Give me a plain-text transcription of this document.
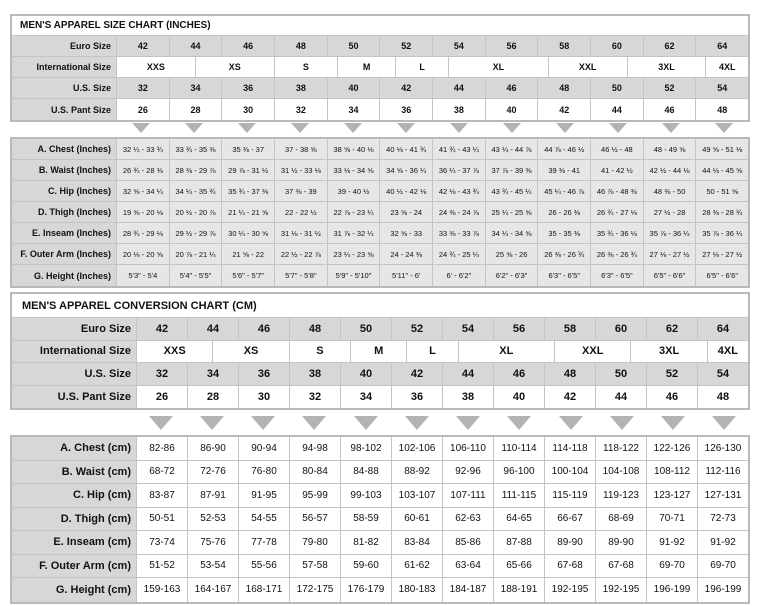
MEN'S APPAREL SIZE CHART (INCHES)
Euro Size	42	44	46	48	50	52	54	56	58	60	62	64
International Size	XXS	XS	S	M	L	XL	XXL	3XL	4XL
U.S. Size	32	34	36	38	40	42	44	46	48	50	52	54
U.S. Pant Size	26	28	30	32	34	36	38	40	42	44	46	48
A. Chest (Inches)	32 ¼ - 33 ¾	33 ¾ - 35 ⅜	35 ⅜ - 37	37 - 38 ⅝	38 ⅝ - 40 ⅛	40 ⅛ - 41 ¾	41 ¾ - 43 ¼	43 ¼ - 44 ⅞	44 ⅞ - 46 ½	46 ½ - 48	48 - 49 ⅝	49 ⅝ - 51 ⅛
B. Waist (Inches)	26 ¾ - 28 ⅜	28 ⅜ - 29 ⅞	29 ⅞ - 31 ½	31 ½ - 33 ⅛	33 ⅛ - 34 ⅝	34 ⅝ - 36 ¼	36 ¼ - 37 ⅞	37 ⅞ - 39 ⅜	39 ⅜ - 41	41 - 42 ½	42 ½ - 44 ⅛	44 ⅛ - 45 ⅝
C. Hip (Inches)	32 ⅝ - 34 ¼	34 ¼ - 35 ¾	35 ¾ - 37 ⅜	37 ⅜ - 39	39 - 40 ½	40 ½ - 42 ⅛	42 ⅛ - 43 ¾	43 ¾ - 45 ¼	45 ¼ - 46 ⅞	46 ⅞ - 48 ⅜	48 ⅜ - 50	50 - 51 ⅝
D. Thigh (Inches)	19 ⅝ - 20 ⅛	20 ½ - 20 ⅞	21 ¼ - 21 ⅝	22 - 22 ½	22 ⅞ - 23 ¼	23 ⅝ - 24	24 ⅜ - 24 ⅞	25 ¼ - 25 ⅝	26 - 26 ⅜	26 ¾ - 27 ⅛	27 ½ - 28	28 ⅜ - 28 ¾
E. Inseam (Inches)	28 ¾ - 29 ⅛	29 ½ - 29 ⅞	30 ¼ - 30 ⅝	31 ⅛ - 31 ½	31 ⅞ - 32 ¼	32 ⅝ - 33	33 ⅜ - 33 ⅞	34 ¼ - 34 ⅝	35 - 35 ⅜	35 ¾ - 36 ⅛	35 ⅞ - 36 ¼	35 ⅞ - 36 ¼
F. Outer Arm (Inches)	20 ⅛ - 20 ⅝	20 ⅞ - 21 ¼	21 ⅝ - 22	22 ½ - 22 ⅞	23 ¼ - 23 ⅝	24 - 24 ⅜	24 ¾ - 25 ¼	25 ⅝ - 26	26 ⅜ - 26 ¾	26 ⅜ - 26 ¾	27 ⅛ - 27 ½	27 ⅛ - 27 ½
G. Height (Inches)	5'3" - 5'4	5'4" - 5'5"	5'6" - 5'7"	5'7" - 5'8"	5'9" - 5'10"	5'11" - 6'	6' - 6'2"	6'2" - 6'3"	6'3" - 6'5"	6'3" - 6'5"	6'5" - 6'6"	6'5" - 6'6"
MEN'S APPAREL CONVERSION CHART (CM)
Euro Size	42	44	46	48	50	52	54	56	58	60	62	64
International Size	XXS	XS	S	M	L	XL	XXL	3XL	4XL
U.S. Size	32	34	36	38	40	42	44	46	48	50	52	54
U.S. Pant Size	26	28	30	32	34	36	38	40	42	44	46	48
A. Chest (cm)	82-86	86-90	90-94	94-98	98-102	102-106	106-110	110-114	114-118	118-122	122-126	126-130
B. Waist (cm)	68-72	72-76	76-80	80-84	84-88	88-92	92-96	96-100	100-104	104-108	108-112	112-116
C. Hip (cm)	83-87	87-91	91-95	95-99	99-103	103-107	107-111	111-115	115-119	119-123	123-127	127-131
D. Thigh (cm)	50-51	52-53	54-55	56-57	58-59	60-61	62-63	64-65	66-67	68-69	70-71	72-73
E. Inseam (cm)	73-74	75-76	77-78	79-80	81-82	83-84	85-86	87-88	89-90	89-90	91-92	91-92
F. Outer Arm (cm)	51-52	53-54	55-56	57-58	59-60	61-62	63-64	65-66	67-68	67-68	69-70	69-70
G. Height (cm)	159-163	164-167	168-171	172-175	176-179	180-183	184-187	188-191	192-195	192-195	196-199	196-199
